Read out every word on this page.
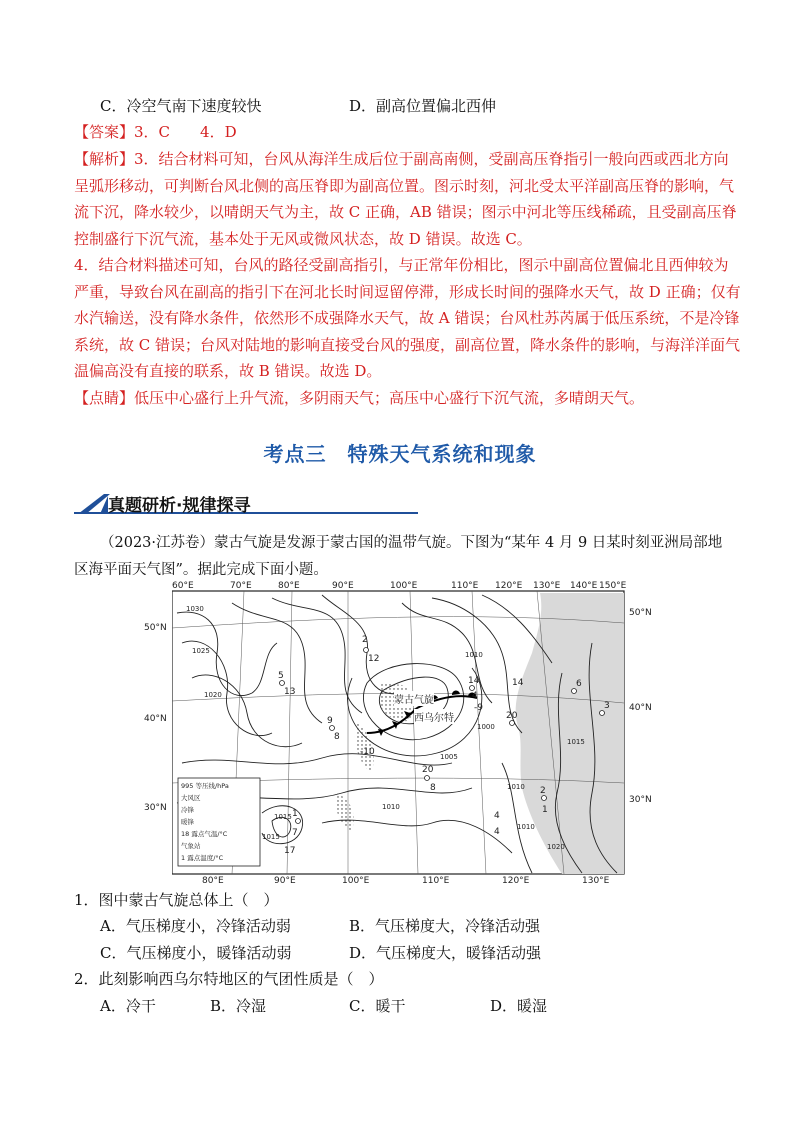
C．冷空气南下速度较快	D．副高位置偏北西伸
【答案】3．C　　4．D
【解析】3．结合材料可知，台风从海洋生成后位于副高南侧，受副高压脊指引一般向西或西北方向
呈弧形移动，可判断台风北侧的高压脊即为副高位置。图示时刻，河北受太平洋副高压脊的影响，气
流下沉，降水较少，以晴朗天气为主，故 C 正确，AB 错误；图示中河北等压线稀疏，且受副高压脊
控制盛行下沉气流，基本处于无风或微风状态，故 D 错误。故选 C。
4．结合材料描述可知，台风的路径受副高指引，与正常年份相比，图示中副高位置偏北且西伸较为
严重，导致台风在副高的指引下在河北长时间逗留停滞，形成长时间的强降水天气，故 D 正确；仅有
水汽输送，没有降水条件，依然形不成强降水天气，故 A 错误；台风杜苏芮属于低压系统，不是冷锋
系统，故 C 错误；台风对陆地的影响直接受台风的强度，副高位置，降水条件的影响，与海洋洋面气
温偏高没有直接的联系，故 B 错误。故选 D。
【点睛】低压中心盛行上升气流，多阴雨天气；高压中心盛行下沉气流，多晴朗天气。
考点三　特殊天气系统和现象
真题研析·规律探寻
（2023·江苏卷）蒙古气旋是发源于蒙古国的温带气旋。下图为“某年 4 月 9 日某时刻亚洲局部地
区海平面天气图”。据此完成下面小题。
60°E	70°E	80°E	90°E	100°E	110°E 120°E 130°E 140°E 150°E
80°E	90°E	100°E	110°E	120°E	130°E
50°N
40°N
30°N
50°N
40°N
30°N
1030
1025
1020
1010
1005
1000
1010
1015
1010
1015
1020
1010
1015
蒙古气旋
西乌尔特
2
12
5
13
14
4
-9
9
8
-10
14
20
20
6
3
2
1
4
4
1
7
17
8
995 等压线/hPa
大风区
冷锋
暖锋
18 露点气温/°C
气象站
1 露点温度/°C
1．图中蒙古气旋总体上（　）
A．气压梯度小，冷锋活动弱	B．气压梯度大，冷锋活动强
C．气压梯度小，暖锋活动弱	D．气压梯度大，暖锋活动强
2．此刻影响西乌尔特地区的气团性质是（　）
A．冷干	B．冷湿	C．暖干	D．暖湿
